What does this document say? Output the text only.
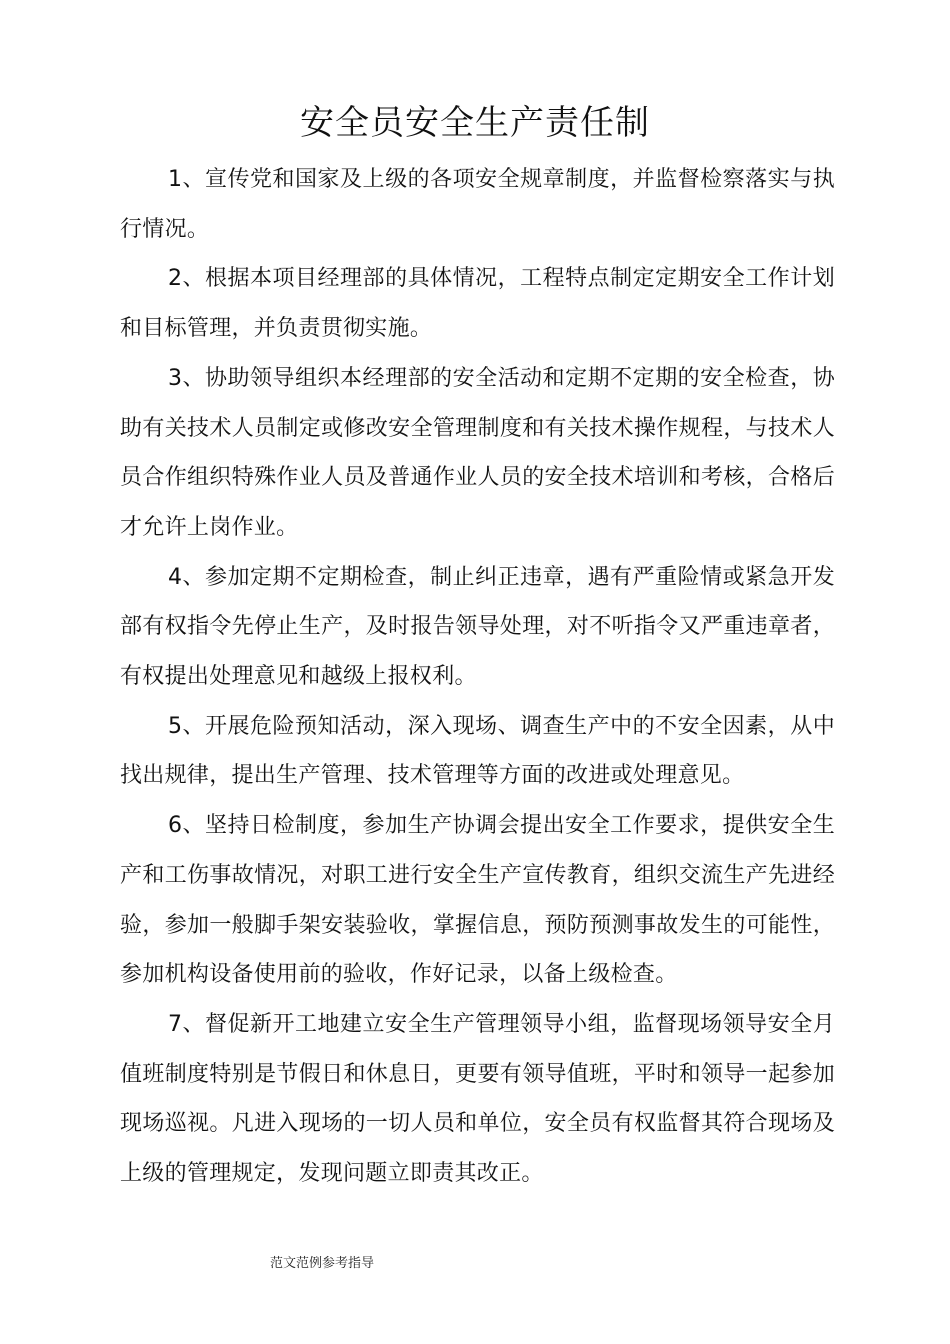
安全员安全生产责任制

1、宣传党和国家及上级的各项安全规章制度，并监督检察落实与执行情况。

2、根据本项目经理部的具体情况，工程特点制定定期安全工作计划和目标管理，并负责贯彻实施。

3、协助领导组织本经理部的安全活动和定期不定期的安全检查，协助有关技术人员制定或修改安全管理制度和有关技术操作规程，与技术人员合作组织特殊作业人员及普通作业人员的安全技术培训和考核，合格后才允许上岗作业。

4、参加定期不定期检查，制止纠正违章，遇有严重险情或紧急开发部有权指令先停止生产，及时报告领导处理，对不听指令又严重违章者，有权提出处理意见和越级上报权利。

5、开展危险预知活动，深入现场、调查生产中的不安全因素，从中找出规律，提出生产管理、技术管理等方面的改进或处理意见。

6、坚持日检制度，参加生产协调会提出安全工作要求，提供安全生产和工伤事故情况，对职工进行安全生产宣传教育，组织交流生产先进经验，参加一般脚手架安装验收，掌握信息，预防预测事故发生的可能性，参加机构设备使用前的验收，作好记录，以备上级检查。

7、督促新开工地建立安全生产管理领导小组，监督现场领导安全月值班制度特别是节假日和休息日，更要有领导值班，平时和领导一起参加现场巡视。凡进入现场的一切人员和单位，安全员有权监督其符合现场及上级的管理规定，发现问题立即责其改正。

范文范例参考指导
